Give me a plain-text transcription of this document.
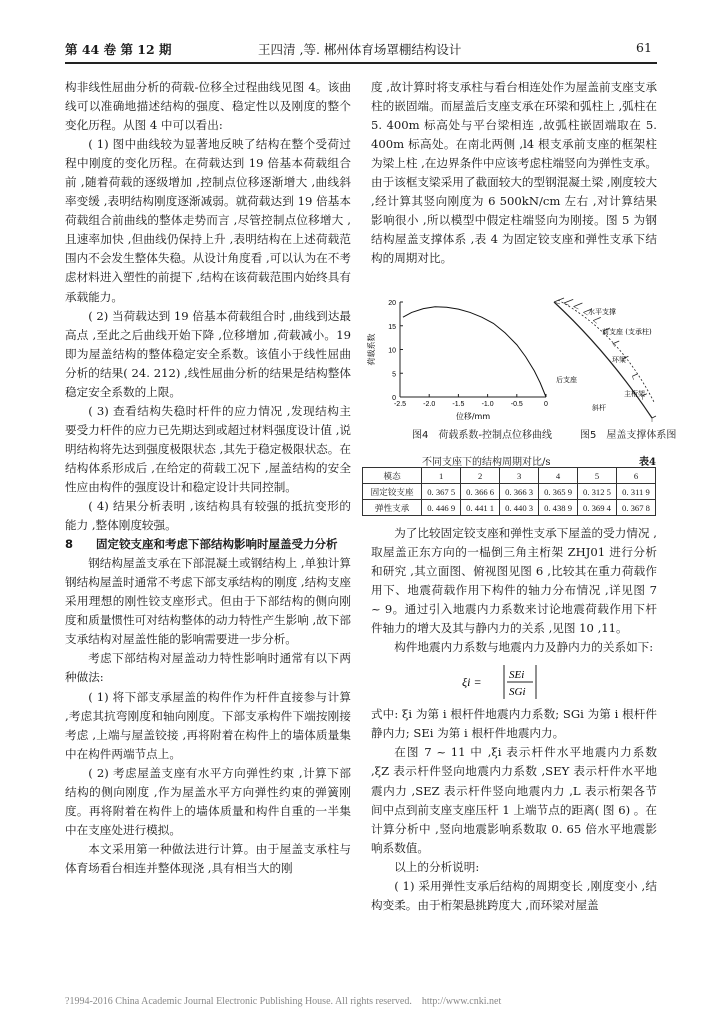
第 44 卷 第 12 期	王四清 ,等. 郴州体育场罩棚结构设计	61

构非线性屈曲分析的荷载-位移全过程曲线见图 4。该曲线可以准确地描述结构的强度、稳定性以及刚度的整个变化历程。从图 4 中可以看出:

( 1) 图中曲线较为显著地反映了结构在整个受荷过程中刚度的变化历程。在荷载达到 19 倍基本荷载组合前 ,随着荷载的逐级增加 ,控制点位移逐渐增大 ,曲线斜率变缓 ,表明结构刚度逐渐减弱。就荷载达到 19 倍基本荷载组合前曲线的整体走势而言 ,尽管控制点位移增大 ,且速率加快 ,但曲线仍保持上升 ,表明结构在上述荷载范围内不会发生整体失稳。从设计角度看 ,可以认为在不考虑材料进入塑性的前提下 ,结构在该荷载范围内始终具有承载能力。

( 2) 当荷载达到 19 倍基本荷载组合时 ,曲线到达最高点 ,至此之后曲线开始下降 ,位移增加 ,荷载减小。19 即为屋盖结构的整体稳定安全系数。该值小于线性屈曲分析的结果( 24. 212) ,线性屈曲分析的结果是结构整体稳定安全系数的上限。

( 3) 查看结构失稳时杆件的应力情况 ,发现结构主要受力杆件的应力已先期达到或超过材料强度设计值 ,说明结构将先达到强度极限状态 ,其先于稳定极限状态。在结构体系形成后 ,在给定的荷载工况下 ,屋盖结构的安全性应由构件的强度设计和稳定设计共同控制。

( 4) 结果分析表明 ,该结构具有较强的抵抗变形的能力 ,整体刚度较强。

8　　固定铰支座和考虑下部结构影响时屋盖受力分析

钢结构屋盖支承在下部混凝土或钢结构上 ,单独计算钢结构屋盖时通常不考虑下部支承结构的刚度 ,结构支座采用理想的刚性铰支座形式。但由于下部结构的侧向刚度和质量惯性可对结构整体的动力特性产生影响 ,故下部支承结构对屋盖性能的影响需要进一步分析。

考虑下部结构对屋盖动力特性影响时通常有以下两种做法:

( 1) 将下部支承屋盖的构件作为杆件直接参与计算 ,考虑其抗弯刚度和轴向刚度。下部支承构件下端按刚接考虑 ,上端与屋盖铰接 ,再将附着在构件上的墙体质量集中在构件两端节点上。

( 2) 考虑屋盖支座有水平方向弹性约束 ,计算下部结构的侧向刚度 ,作为屋盖水平方向弹性约束的弹簧刚度。再将附着在构件上的墙体质量和构件自重的一半集中在支座处进行模拟。

本文采用第一种做法进行计算。由于屋盖支承柱与体育场看台相连并整体现浇 ,具有相当大的刚

度 ,故计算时将支承柱与看台相连处作为屋盖前支座支承柱的嵌固端。而屋盖后支座支承在环梁和弧柱上 ,弧柱在 5. 400m 标高处与平台梁相连 ,故弧柱嵌固端取在 5. 400m 标高处。在南北两侧 ,l4 根支承前支座的框架柱为梁上柱 ,在边界条件中应该考虑柱端竖向为弹性支承。由于该框支梁采用了截面较大的型钢混凝土梁 ,刚度较大 ,经计算其竖向刚度为 6 500kN/cm 左右 ,对计算结果影响很小 ,所以模型中假定柱端竖向为刚接。图 5 为钢结构屋盖支撑体系 ,表 4 为固定铰支座和弹性支承下结构的周期对比。

20
15
10
5
0
-2.5 -2.0 -1.5 -1.0 -0.5	0
荷载系数
位移/mm
图4　荷载系数-控制点位移曲线
水平支撑
前支座 (支承柱)
环梁
后支座
斜杆
主桁架
图5　屋盖支撑体系图
不同支座下的结构周期对比/s	表4
模态	1	2	3	4	5	6
固定铰支座	0. 367 5	0. 366 6	0. 366 3	0. 365 9	0. 312 5	0. 311 9
弹性支承	0. 446 9	0. 441 1	0. 440 3	0. 438 9	0. 369 4	0. 367 8

为了比较固定铰支座和弹性支承下屋盖的受力情况 ,取屋盖正东方向的一榀倒三角主桁架 ZHJ01 进行分析和研究 ,其立面图、俯视图见图 6 ,比较其在重力荷载作用下、地震荷载作用下构件的轴力分布情况 ,详见图 7 ~ 9。通过引入地震内力系数来讨论地震荷载作用下杆件轴力的增大及其与静内力的关系 ,见图 10 ,11。

构件地震内力系数与地震内力及静内力的关系如下:

ξi = SEi
SGi

式中: ξi 为第 i 根杆件地震内力系数; SGi 为第 i 根杆件静内力; SEi 为第 i 根杆件地震内力。

在图 7 ~ 11 中 ,ξi 表示杆件水平地震内力系数 ,ξZ 表示杆件竖向地震内力系数 ,SEY 表示杆件水平地震内力 ,SEZ 表示杆件竖向地震内力 ,L 表示桁架各节间中点到前支座支座压杆 1 上端节点的距离( 图 6) 。在计算分析中 ,竖向地震影响系数取 0. 65 倍水平地震影响系数值。

以上的分析说明:

( 1) 采用弹性支承后结构的周期变长 ,刚度变小 ,结构变柔。由于桁架悬挑跨度大 ,而环梁对屋盖

?1994-2016 China Academic Journal Electronic Publishing House. All rights reserved.　http://www.cnki.net
